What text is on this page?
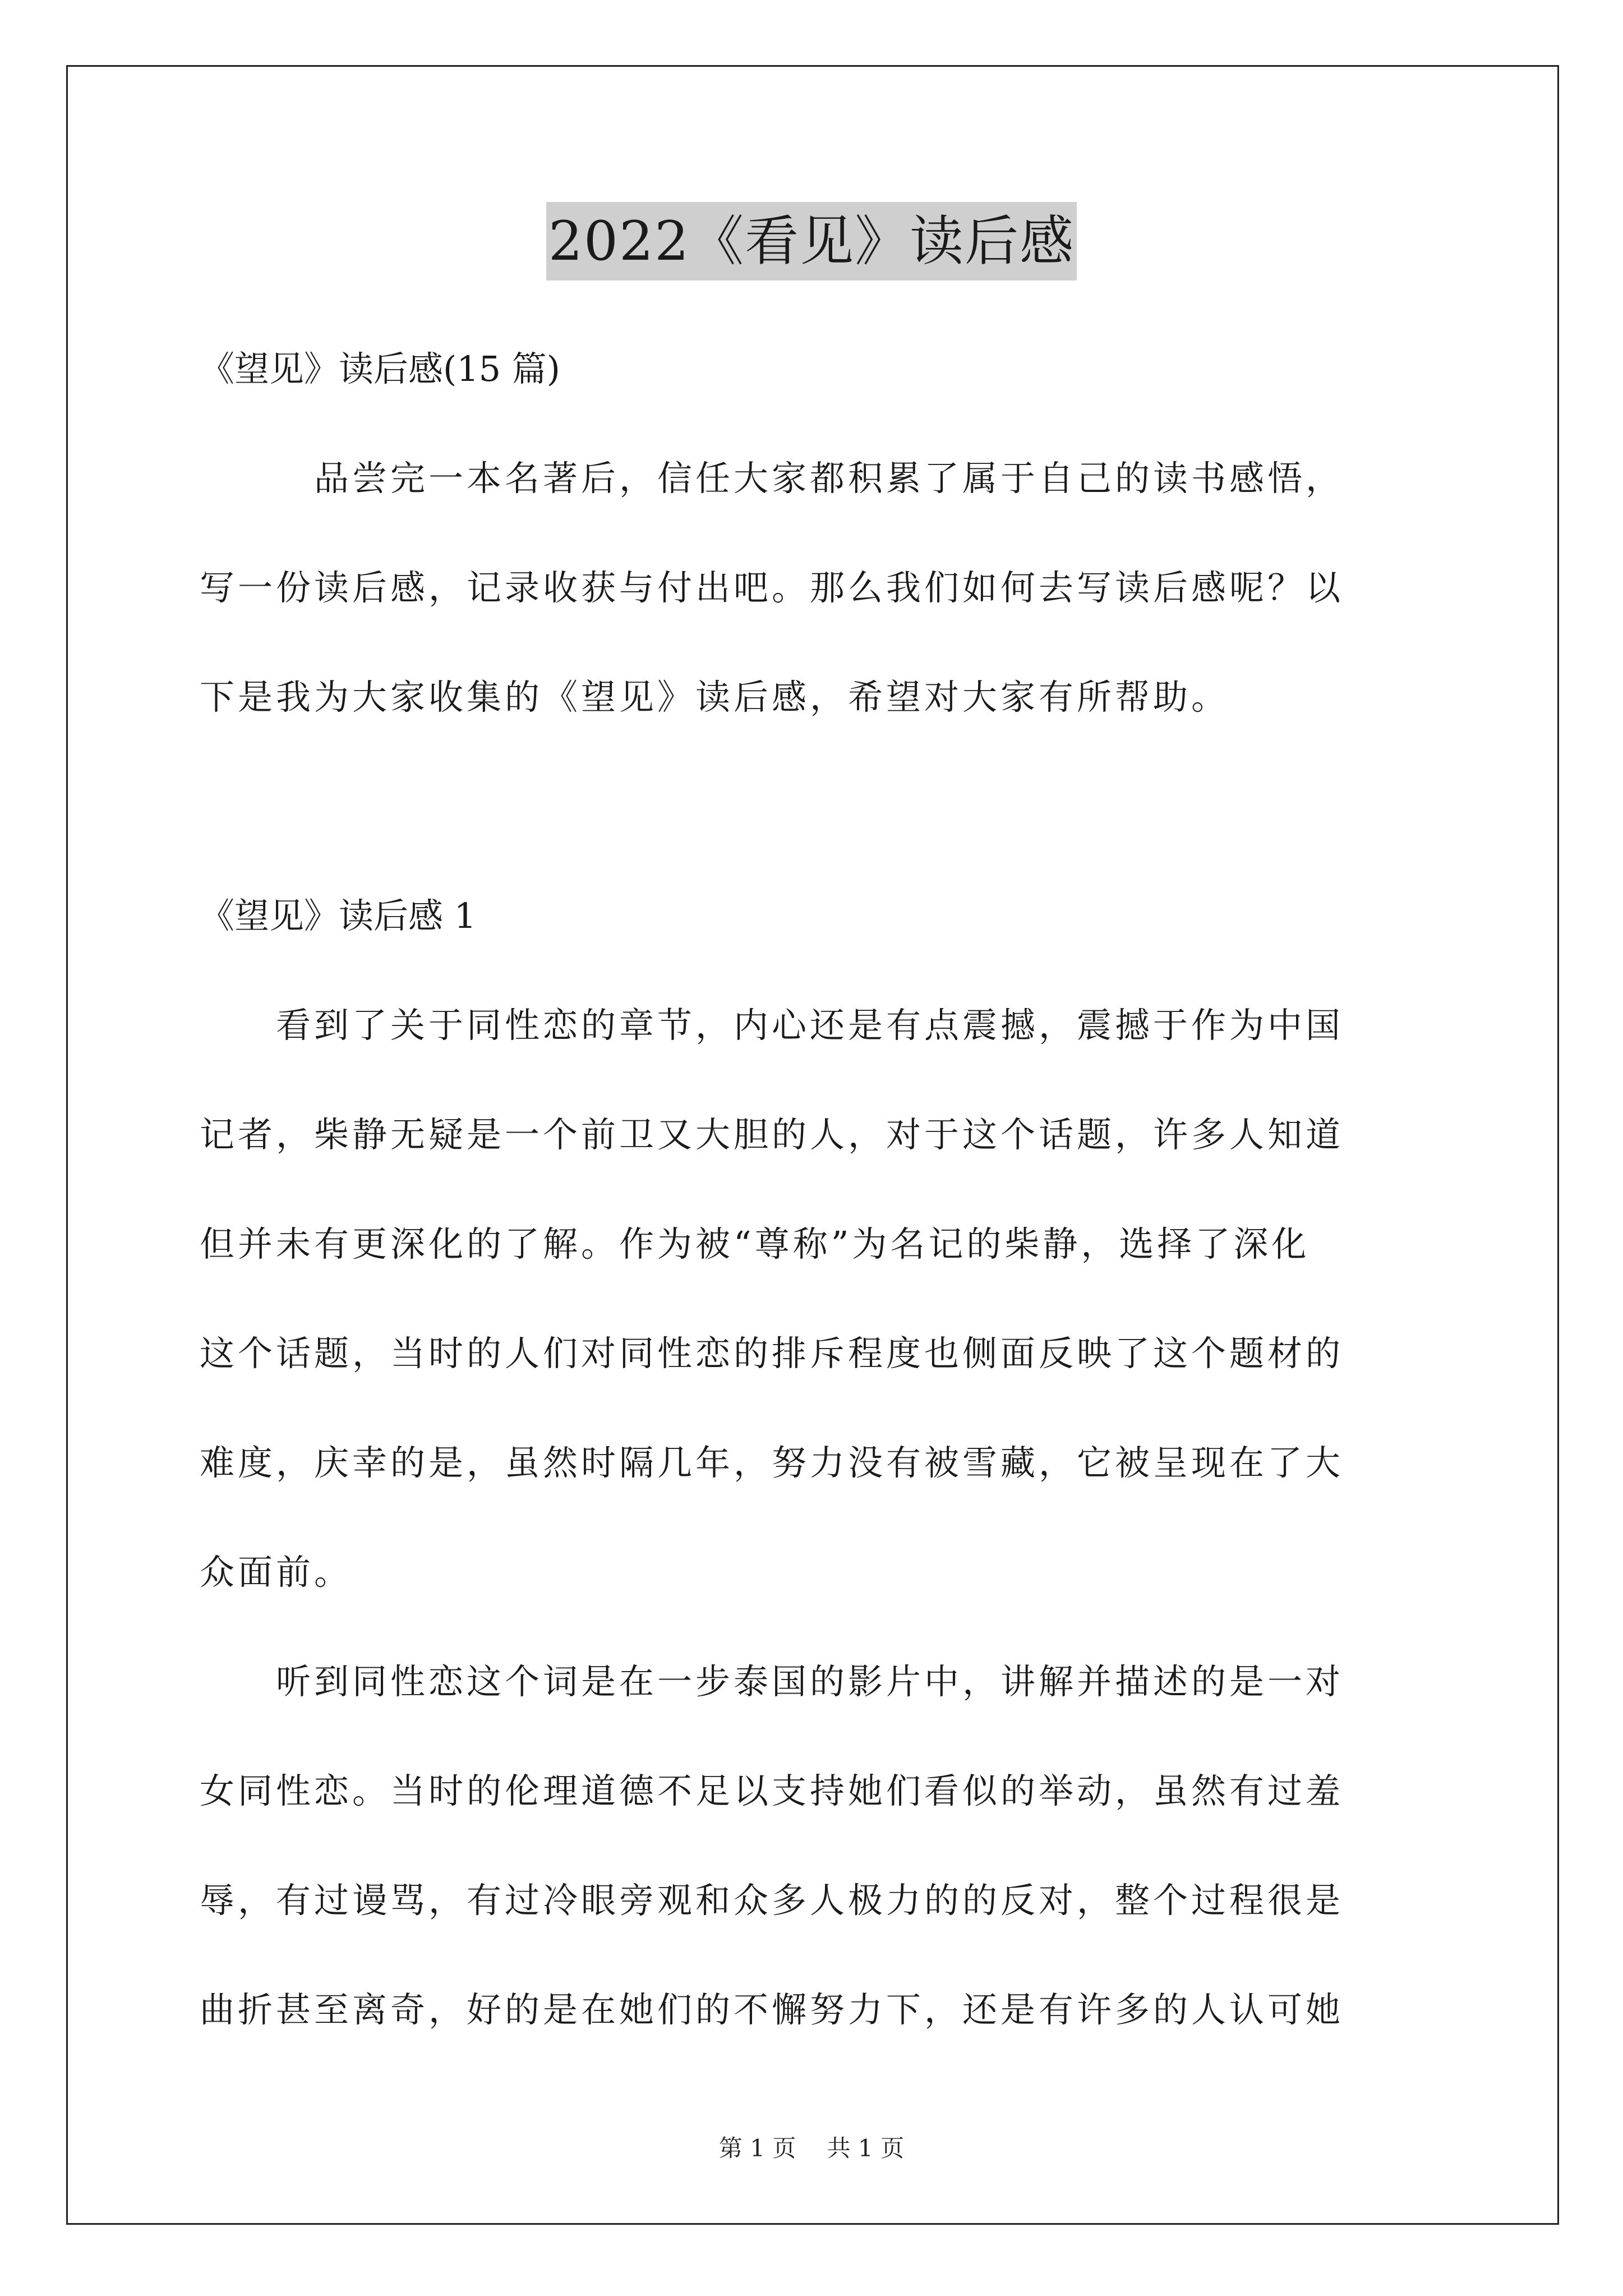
2022《看见》读后感
《望见》读后感(15 篇)
　　　品尝完一本名著后，信任大家都积累了属于自己的读书感悟，
写一份读后感，记录收获与付出吧。那么我们如何去写读后感呢？以
下是我为大家收集的《望见》读后感，希望对大家有所帮助。

《望见》读后感 1
　　看到了关于同性恋的章节，内心还是有点震撼，震撼于作为中国
记者，柴静无疑是一个前卫又大胆的人，对于这个话题，许多人知道
但并未有更深化的了解。作为被“尊称”为名记的柴静，选择了深化
这个话题，当时的人们对同性恋的排斥程度也侧面反映了这个题材的
难度，庆幸的是，虽然时隔几年，努力没有被雪藏，它被呈现在了大
众面前。
　　听到同性恋这个词是在一步泰国的影片中，讲解并描述的是一对
女同性恋。当时的伦理道德不足以支持她们看似的举动，虽然有过羞
辱，有过谩骂，有过冷眼旁观和众多人极力的的反对，整个过程很是
曲折甚至离奇，好的是在她们的不懈努力下，还是有许多的人认可她
第 1 页　 共 1 页
